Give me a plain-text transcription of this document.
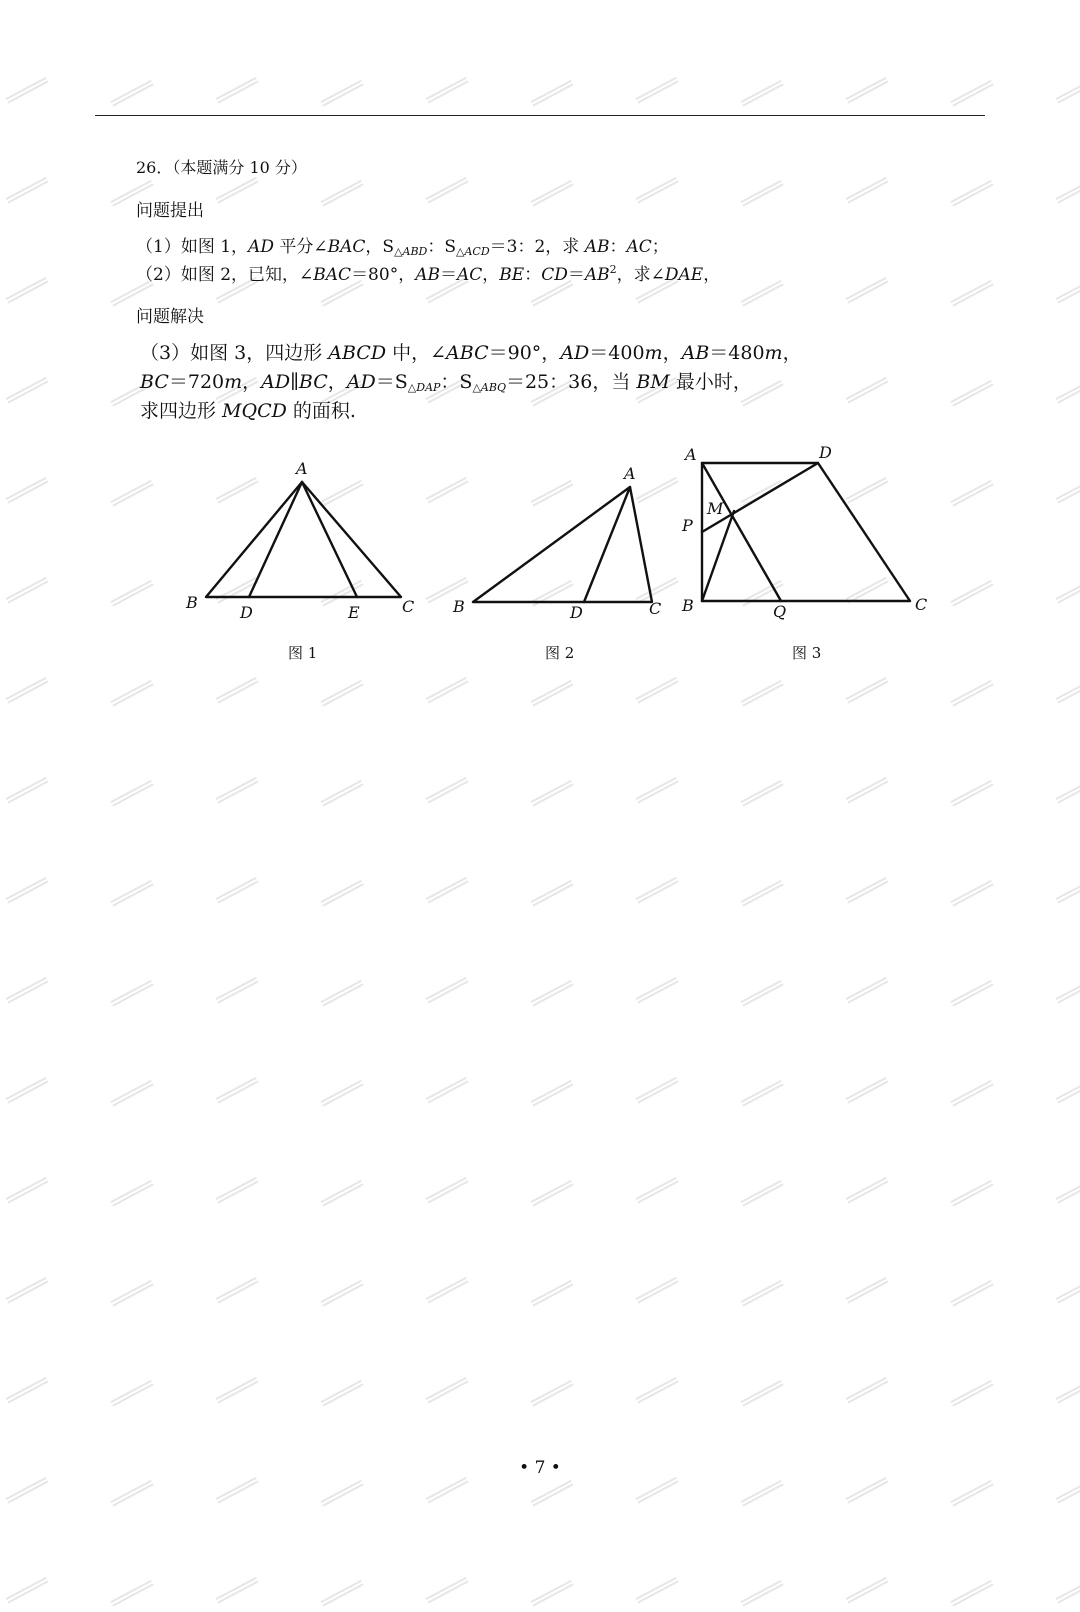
26．（本题满分 10 分）
问题提出
（1）如图 1，AD 平分∠BAC，$S_{\triangle ABD}$：$S_{\triangle ACD}=3$：2，求 AB：AC；
（2）如图 2，已知，∠BAC＝80°，AB＝AC，BE：$CD=AB^2$，求∠DAE，
问题解决
（3）如图 3，四边形 ABCD 中，∠ABC＝90°，AD＝400m，AB＝480m，
BC＝720m，AD∥BC，$AD=S_{\triangle DAP}$：$S_{\triangle ABQ}=25$：36，当 BM 最小时，
求四边形 MQCD 的面积.
A
B
D	E	C
A
B	D	C
A	D
P
M
B	Q	C
图 1	图 2	图 3
• 7 •
